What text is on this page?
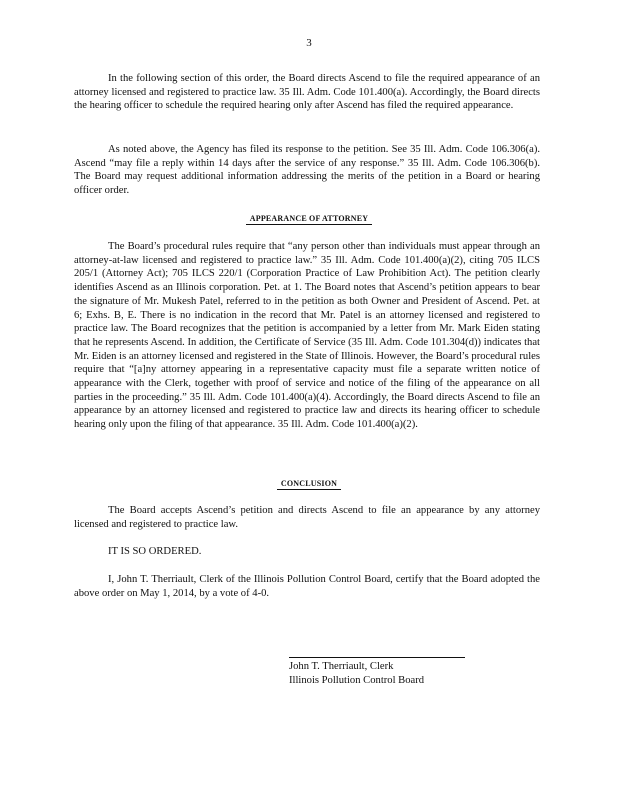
3

In the following section of this order, the Board directs Ascend to file the required appearance of an attorney licensed and registered to practice law. 35 Ill. Adm. Code 101.400(a). Accordingly, the Board directs the hearing officer to schedule the required hearing only after Ascend has filed the required appearance.

As noted above, the Agency has filed its response to the petition. See 35 Ill. Adm. Code 106.306(a). Ascend “may file a reply within 14 days after the service of any response.” 35 Ill. Adm. Code 106.306(b). The Board may request additional information addressing the merits of the petition in a Board or hearing officer order.

APPEARANCE OF ATTORNEY

The Board’s procedural rules require that “any person other than individuals must appear through an attorney-at-law licensed and registered to practice law.” 35 Ill. Adm. Code 101.400(a)(2), citing 705 ILCS 205/1 (Attorney Act); 705 ILCS 220/1 (Corporation Practice of Law Prohibition Act). The petition clearly identifies Ascend as an Illinois corporation. Pet. at 1. The Board notes that Ascend’s petition appears to bear the signature of Mr. Mukesh Patel, referred to in the petition as both Owner and President of Ascend. Pet. at 6; Exhs. B, E. There is no indication in the record that Mr. Patel is an attorney licensed and registered to practice law. The Board recognizes that the petition is accompanied by a letter from Mr. Mark Eiden stating that he represents Ascend. In addition, the Certificate of Service (35 Ill. Adm. Code 101.304(d)) indicates that Mr. Eiden is an attorney licensed and registered in the State of Illinois. However, the Board’s procedural rules require that “[a]ny attorney appearing in a representative capacity must file a separate written notice of appearance with the Clerk, together with proof of service and notice of the filing of the appearance on all parties in the proceeding.” 35 Ill. Adm. Code 101.400(a)(4). Accordingly, the Board directs Ascend to file an appearance by an attorney licensed and registered to practice law and directs its hearing officer to schedule hearing only upon the filing of that appearance. 35 Ill. Adm. Code 101.400(a)(2).

CONCLUSION

The Board accepts Ascend’s petition and directs Ascend to file an appearance by any attorney licensed and registered to practice law.

IT IS SO ORDERED.

I, John T. Therriault, Clerk of the Illinois Pollution Control Board, certify that the Board adopted the above order on May 1, 2014, by a vote of 4-0.

John T. Therriault, Clerk
Illinois Pollution Control Board
